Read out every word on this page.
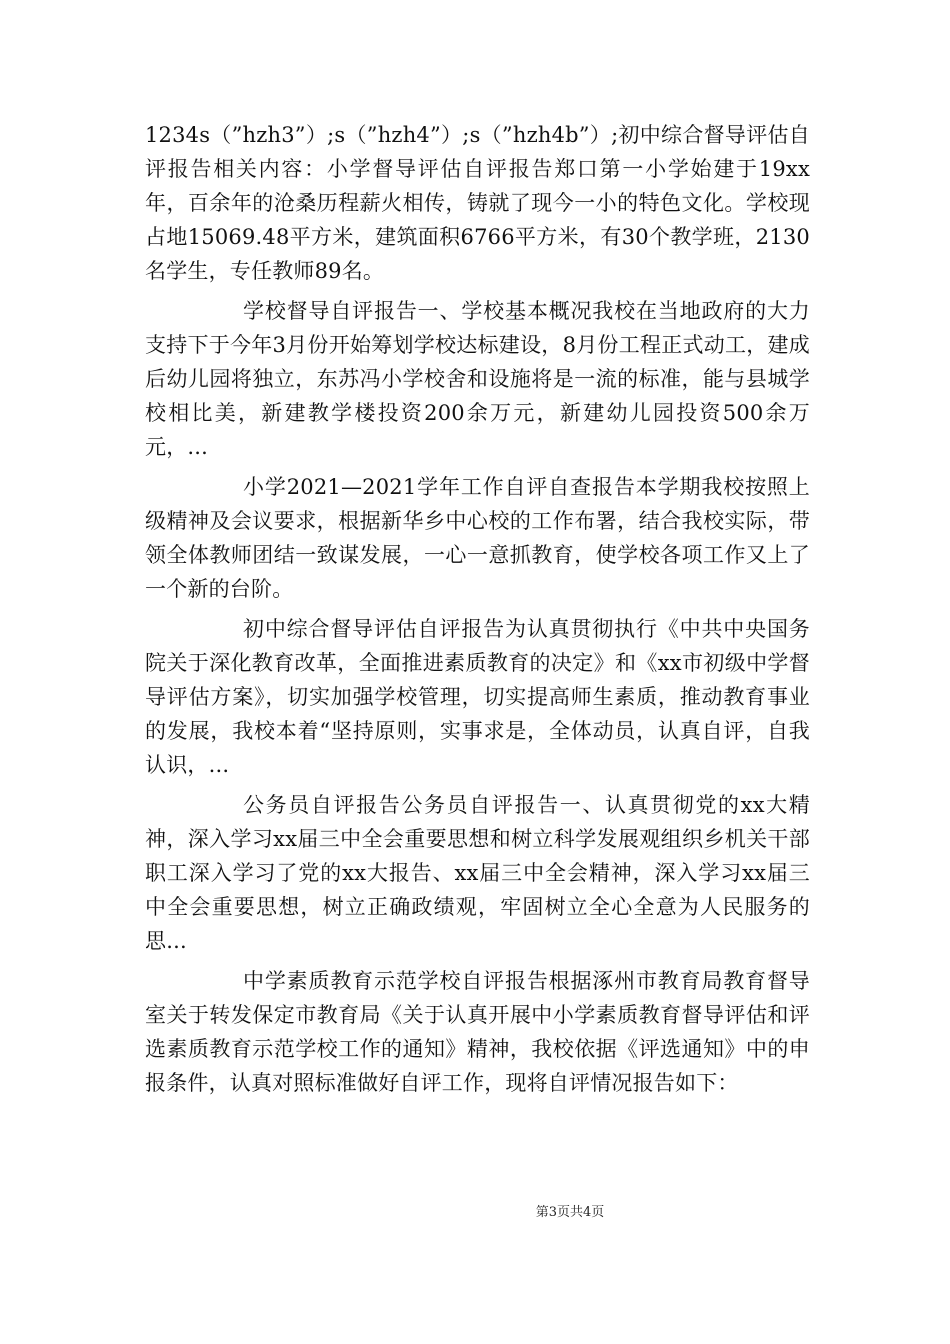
1234s（”hzh3”）;s（”hzh4”）;s（”hzh4b”）;初中综合督导评估自评报告相关内容：小学督导评估自评报告郑口第一小学始建于19xx年，百余年的沧桑历程薪火相传，铸就了现今一小的特色文化。学校现占地15069.48平方米，建筑面积6766平方米，有30个教学班，2130名学生，专任教师89名。

学校督导自评报告一、学校基本概况我校在当地政府的大力支持下于今年3月份开始筹划学校达标建设，8月份工程正式动工，建成后幼儿园将独立，东苏冯小学校舍和设施将是一流的标准，能与县城学校相比美，新建教学楼投资200余万元，新建幼儿园投资500余万元，...

小学2021—2021学年工作自评自查报告本学期我校按照上级精神及会议要求，根据新华乡中心校的工作布署，结合我校实际，带领全体教师团结一致谋发展，一心一意抓教育，使学校各项工作又上了一个新的台阶。

初中综合督导评估自评报告为认真贯彻执行《中共中央国务院关于深化教育改革，全面推进素质教育的决定》和《xx市初级中学督导评估方案》，切实加强学校管理，切实提高师生素质，推动教育事业的发展，我校本着“坚持原则，实事求是，全体动员，认真自评，自我认识，...

公务员自评报告公务员自评报告一、认真贯彻党的xx大精神，深入学习xx届三中全会重要思想和树立科学发展观组织乡机关干部职工深入学习了党的xx大报告、xx届三中全会精神，深入学习xx届三中全会重要思想，树立正确政绩观，牢固树立全心全意为人民服务的思...

中学素质教育示范学校自评报告根据涿州市教育局教育督导室关于转发保定市教育局《关于认真开展中小学素质教育督导评估和评选素质教育示范学校工作的通知》精神，我校依据《评选通知》中的申报条件，认真对照标准做好自评工作，现将自评情况报告如下：

第3页共4页
